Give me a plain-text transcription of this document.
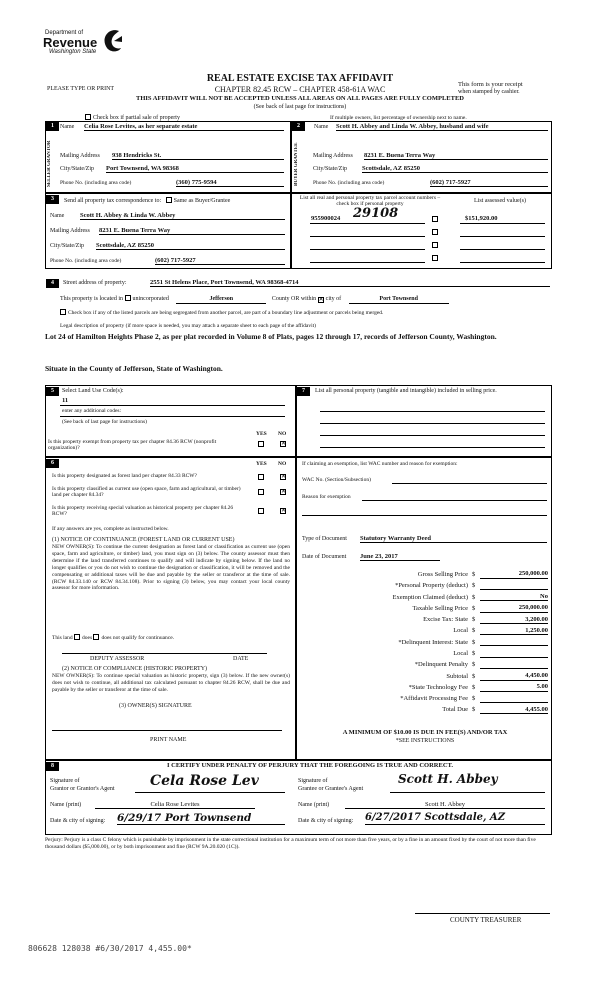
Department of
Revenue
Washington State
REAL ESTATE EXCISE TAX AFFIDAVIT
CHAPTER 82.45 RCW – CHAPTER 458-61A WAC
THIS AFFIDAVIT WILL NOT BE ACCEPTED UNLESS ALL AREAS ON ALL PAGES ARE FULLY COMPLETED
(See back of last page for instructions)
PLEASE TYPE OR PRINT
This form is your receipt
when stamped by cashier.
Check box if partial sale of property	If multiple owners, list percentage of ownership next to name.
1
SELLER GRANTOR
Name Celia Rose Levites, as her separate estate
Mailing Address 938 Hendricks St.
City/State/Zip Port Townsend, WA 98368
Phone No. (including area code)	(360) 775-9594
2
BUYER GRANTEE
Name Scott H. Abbey and Linda W. Abbey, husband and wife
Mailing Address 8231 E. Buena Terra Way
City/State/Zip Scottsdale, AZ 85250
Phone No. (including area code)	(602) 717-5927
3	Send all property tax correspondence to: Same as Buyer/Grantee
Name Scott H. Abbey & Linda W. Abbey
Mailing Address 8231 E. Buena Terra Way
City/State/Zip Scottsdale, AZ 85250
Phone No. (including area code)	(602) 717-5927
List all real and personal property tax parcel account numbers – check box if personal property
List assessed value(s)
955900024 29108	$151,920.00
4	Street address of property:	2551 St Helens Place, Port Townsend, WA 98368-4714
This property is located in unincorporated	Jefferson	County OR within ✕ city of	Port Townsend
Check box if any of the listed parcels are being segregated from another parcel, are part of a boundary line adjustment or parcels being merged.
Legal description of property (if more space is needed, you may attach a separate sheet to each page of the affidavit)
Lot 24 of Hamilton Heights Phase 2, as per plat recorded in Volume 8 of Plats, pages 12 through 17, records of Jefferson County, Washington.
Situate in the County of Jefferson, State of Washington.
5	Select Land Use Code(s):
11
enter any additional codes:
(See back of last page for instructions)
YES NO
Is this property exempt from property tax per chapter 84.36 RCW (nonprofit organization)?
✕
7	List all personal property (tangible and intangible) included in selling price.
6	YES NO
Is this property designated as forest land per chapter 84.33 RCW?	✕
Is this property classified as current use (open space, farm and agricultural, or timber) land per chapter 84.34?
✕
Is this property receiving special valuation as historical property per chapter 84.26 RCW?
✕
If any answers are yes, complete as instructed below.
(1) NOTICE OF CONTINUANCE (FOREST LAND OR CURRENT USE)
NEW OWNER(S): To continue the current designation as forest land or classification as current use (open space, farm and agriculture, or timber) land, you must sign on (3) below. The county assessor must then determine if the land transferred continues to qualify and will indicate by signing below. If the land no longer qualifies or you do not wish to continue the designation or classification, it will be removed and the compensating or additional taxes will be due and payable by the seller or transferor at the time of sale. (RCW 84.33.140 or RCW 84.34.108). Prior to signing (3) below, you may contact your local county assessor for more information.
This land does does not qualify for continuance.
DEPUTY ASSESSOR	DATE
(2) NOTICE OF COMPLIANCE (HISTORIC PROPERTY)
NEW OWNER(S): To continue special valuation as historic property, sign (3) below. If the new owner(s) does not wish to continue, all additional tax calculated pursuant to chapter 84.26 RCW, shall be due and payable by the seller or transferor at the time of sale.
(3) OWNER(S) SIGNATURE
PRINT NAME
If claiming an exemption, list WAC number and reason for exemption:
WAC No. (Section/Subsection)
Reason for exemption
Type of Document Statutory Warranty Deed
Date of Document June 23, 2017
Gross Selling Price $	250,000.00
*Personal Property (deduct) $
Exemption Claimed (deduct) $	No
Taxable Selling Price $	250,000.00
Excise Tax: State $	3,200.00
Local $	1,250.00
*Delinquent Interest: State $
Local $
*Delinquent Penalty $
Subtotal $	4,450.00
*State Technology Fee $	5.00
*Affidavit Processing Fee $
Total Due $	4,455.00
A MINIMUM OF $10.00 IS DUE IN FEE(S) AND/OR TAX
*SEE INSTRUCTIONS
8	I CERTIFY UNDER PENALTY OF PERJURY THAT THE FOREGOING IS TRUE AND CORRECT.
Signature of
Grantor or Grantor's Agent	Cela Rose Lev
Name (print)	Celia Rose Levites
Date & city of signing: 6/29/17 Port Townsend
Signature of
Grantee or Grantee's Agent
Scott H. Abbey
Name (print)	Scott H. Abbey
Date & city of signing: 6/27/2017 Scottsdale, AZ
Perjury: Perjury is a class C felony which is punishable by imprisonment in the state correctional institution for a maximum term of not more than five years, or by a fine in an amount fixed by the court of not more than five thousand dollars ($5,000.00), or by both imprisonment and fine (RCW 9A.20.020 (1C)).
COUNTY TREASURER
806628 128038 #6/30/2017 4,455.00*
